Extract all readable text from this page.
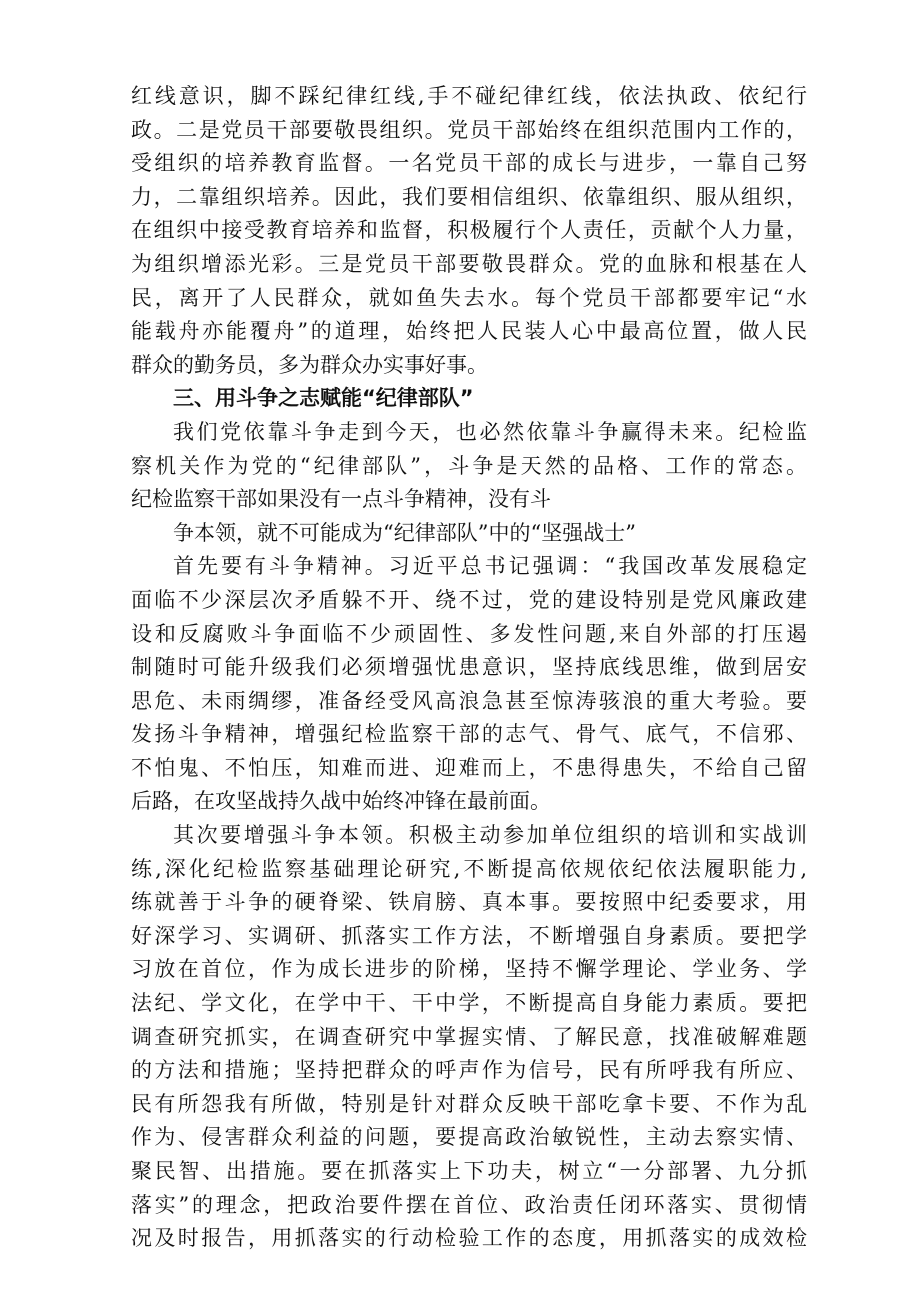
红线意识，脚不踩纪律红线,手不碰纪律红线，依法执政、依纪行
政。二是党员干部要敬畏组织。党员干部始终在组织范围内工作的，
受组织的培养教育监督。一名党员干部的成长与进步，一靠自己努
力，二靠组织培养。因此，我们要相信组织、依靠组织、服从组织，
在组织中接受教育培养和监督，积极履行个人责任，贡献个人力量，
为组织增添光彩。三是党员干部要敬畏群众。党的血脉和根基在人
民，离开了人民群众，就如鱼失去水。每个党员干部都要牢记“水
能载舟亦能覆舟”的道理，始终把人民装人心中最高位置，做人民
群众的勤务员，多为群众办实事好事。
三、用斗争之志赋能“纪律部队”
我们党依靠斗争走到今天，也必然依靠斗争赢得未来。纪检监
察机关作为党的“纪律部队”，斗争是天然的品格、工作的常态。
纪检监察干部如果没有一点斗争精神，没有斗
争本领，就不可能成为“纪律部队”中的“坚强战士”
首先要有斗争精神。习近平总书记强调：“我国改革发展稳定
面临不少深层次矛盾躲不开、绕不过，党的建设特别是党风廉政建
设和反腐败斗争面临不少顽固性、多发性问题,来自外部的打压遏
制随时可能升级我们必须增强忧患意识，坚持底线思维，做到居安
思危、未雨绸缪，准备经受风高浪急甚至惊涛骇浪的重大考验。要
发扬斗争精神，增强纪检监察干部的志气、骨气、底气，不信邪、
不怕鬼、不怕压，知难而进、迎难而上，不患得患失，不给自己留
后路，在攻坚战持久战中始终冲锋在最前面。
其次要增强斗争本领。积极主动参加单位组织的培训和实战训
练,深化纪检监察基础理论研究,不断提高依规依纪依法履职能力,
练就善于斗争的硬脊梁、铁肩膀、真本事。要按照中纪委要求，用
好深学习、实调研、抓落实工作方法，不断增强自身素质。要把学
习放在首位，作为成长进步的阶梯，坚持不懈学理论、学业务、学
法纪、学文化，在学中干、干中学，不断提高自身能力素质。要把
调查研究抓实，在调查研究中掌握实情、了解民意，找准破解难题
的方法和措施；坚持把群众的呼声作为信号，民有所呼我有所应、
民有所怨我有所做，特别是针对群众反映干部吃拿卡要、不作为乱
作为、侵害群众利益的问题，要提高政治敏锐性，主动去察实情、
聚民智、出措施。要在抓落实上下功夫，树立“一分部署、九分抓
落实”的理念，把政治要件摆在首位、政治责任闭环落实、贯彻情
况及时报告，用抓落实的行动检验工作的态度，用抓落实的成效检
